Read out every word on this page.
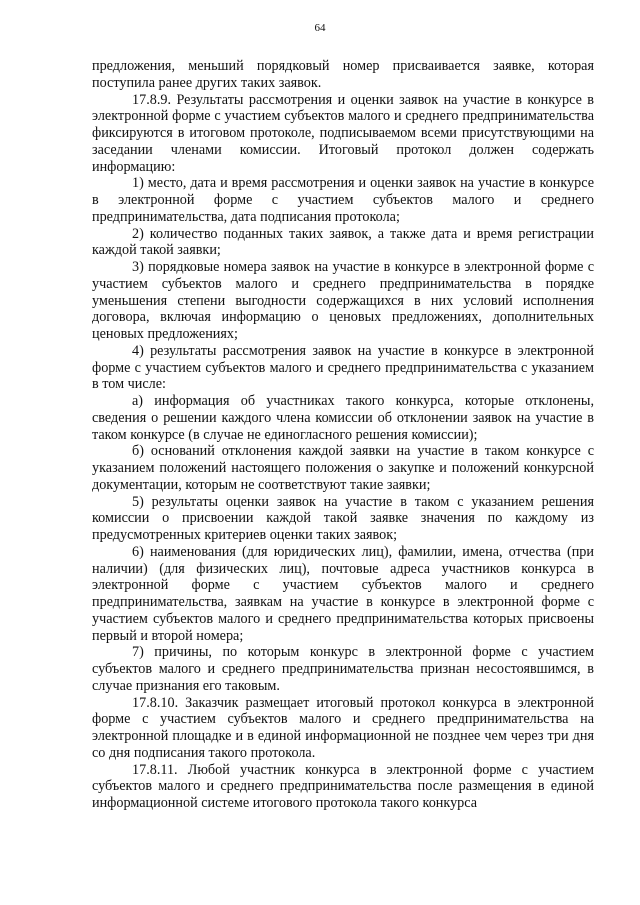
64

предложения, меньший порядковый номер присваивается заявке, которая поступила ранее других таких заявок.

17.8.9. Результаты рассмотрения и оценки заявок на участие в конкурсе в электронной форме с участием субъектов малого и среднего предпринимательства фиксируются в итоговом протоколе, подписываемом всеми присутствующими на заседании членами комиссии. Итоговый протокол должен содержать информацию:

1) место, дата и время рассмотрения и оценки заявок на участие в конкурсе в электронной форме с участием субъектов малого и среднего предпринимательства, дата подписания протокола;

2) количество поданных таких заявок, а также дата и время регистрации каждой такой заявки;

3) порядковые номера заявок на участие в конкурсе в электронной форме с участием субъектов малого и среднего предпринимательства в порядке уменьшения степени выгодности содержащихся в них условий исполнения договора, включая информацию о ценовых предложениях, дополнительных ценовых предложениях;

4) результаты рассмотрения заявок на участие в конкурсе в электронной форме с участием субъектов малого и среднего предпринимательства с указанием в том числе:

а) информация об участниках такого конкурса, которые отклонены, сведения о решении каждого члена комиссии об отклонении заявок на участие в таком конкурсе (в случае не единогласного решения комиссии);

б) оснований отклонения каждой заявки на участие в таком конкурсе с указанием положений настоящего положения о закупке и положений конкурсной документации, которым не соответствуют такие заявки;

5) результаты оценки заявок на участие в таком с указанием решения комиссии о присвоении каждой такой заявке значения по каждому из предусмотренных критериев оценки таких заявок;

6) наименования (для юридических лиц), фамилии, имена, отчества (при наличии) (для физических лиц), почтовые адреса участников конкурса в электронной форме с участием субъектов малого и среднего предпринимательства, заявкам на участие в конкурсе в электронной форме с участием субъектов малого и среднего предпринимательства которых присвоены первый и второй номера;

7) причины, по которым конкурс в электронной форме с участием субъектов малого и среднего предпринимательства признан несостоявшимся, в случае признания его таковым.

17.8.10. Заказчик размещает итоговый протокол конкурса в электронной форме с участием субъектов малого и среднего предпринимательства на электронной площадке и в единой информационной не позднее чем через три дня со дня подписания такого протокола.

17.8.11. Любой участник конкурса в электронной форме с участием субъектов малого и среднего предпринимательства после размещения в единой информационной системе итогового протокола такого конкурса
